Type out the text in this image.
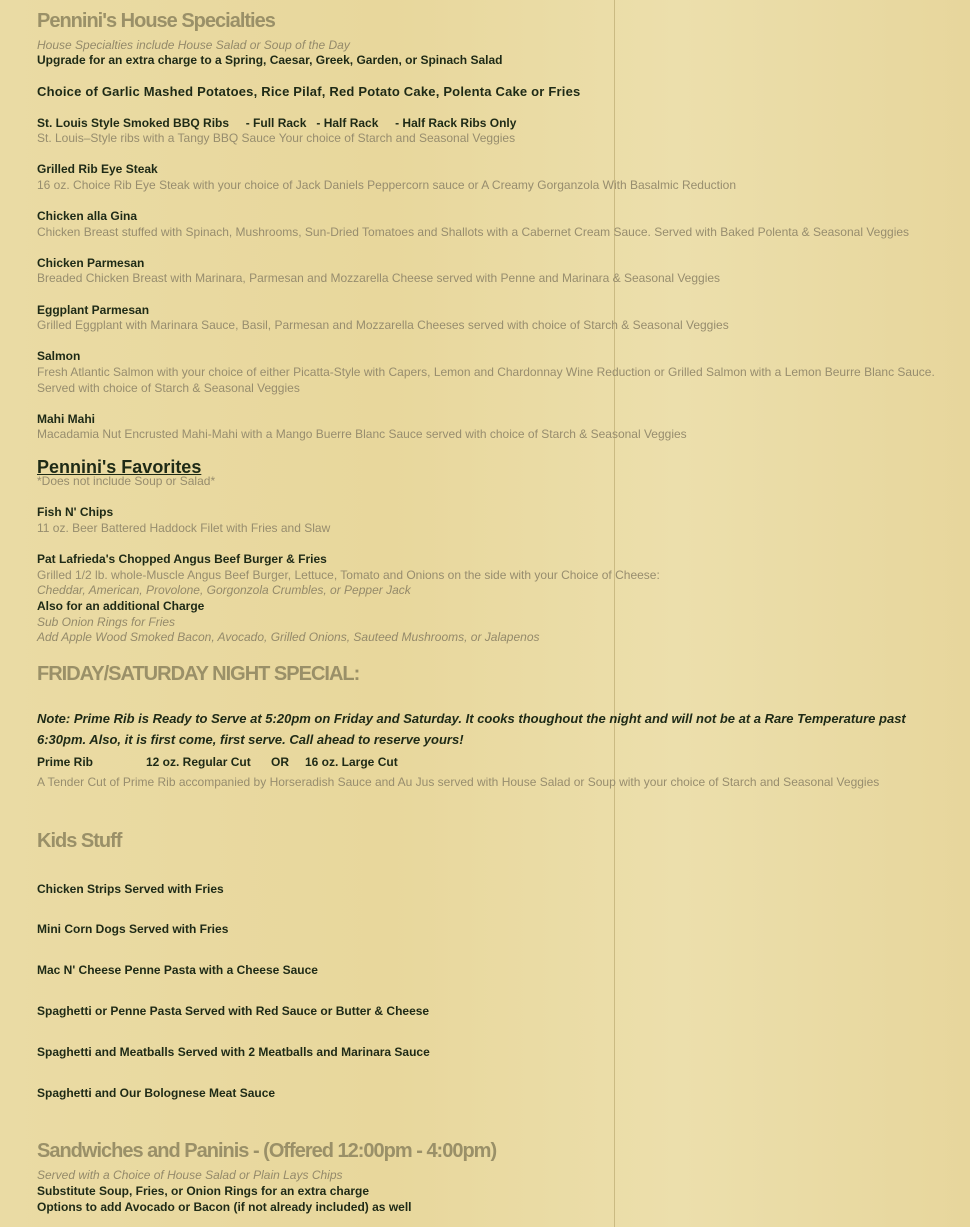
Pennini's House Specialties
House Specialties include House Salad or Soup of the Day
Upgrade for an extra charge to a Spring, Caesar, Greek, Garden, or Spinach Salad
Choice of Garlic Mashed Potatoes, Rice Pilaf, Red Potato Cake, Polenta Cake or Fries
St. Louis Style Smoked BBQ Ribs     - Full Rack   - Half Rack     - Half Rack Ribs Only
St. Louis–Style ribs with a Tangy BBQ Sauce Your choice of Starch and Seasonal Veggies
Grilled Rib Eye Steak
16 oz. Choice Rib Eye Steak with your choice of Jack Daniels Peppercorn sauce or A Creamy Gorganzola With Basalmic Reduction
Chicken alla Gina
Chicken Breast stuffed with Spinach, Mushrooms, Sun-Dried Tomatoes and Shallots with a Cabernet Cream Sauce. Served with Baked Polenta & Seasonal Veggies
Chicken Parmesan
Breaded Chicken Breast with Marinara, Parmesan and Mozzarella Cheese served with Penne and Marinara & Seasonal Veggies
Eggplant Parmesan
Grilled Eggplant with Marinara Sauce, Basil, Parmesan and Mozzarella Cheeses served with choice of Starch & Seasonal Veggies
Salmon
Fresh Atlantic Salmon with your choice of either Picatta-Style with Capers, Lemon and Chardonnay Wine Reduction or Grilled Salmon with a Lemon Beurre Blanc Sauce. Served with choice of Starch & Seasonal Veggies
Mahi Mahi
Macadamia Nut Encrusted Mahi-Mahi with a Mango Buerre Blanc Sauce served with choice of Starch & Seasonal Veggies
Pennini's Favorites
*Does not include Soup or Salad*
Fish N' Chips
11 oz. Beer Battered Haddock Filet with Fries and Slaw
Pat Lafrieda's Chopped Angus Beef Burger & Fries
Grilled 1/2 lb. whole-Muscle Angus Beef Burger, Lettuce, Tomato and Onions on the side with your Choice of Cheese:
Cheddar, American, Provolone, Gorgonzola Crumbles, or Pepper Jack
Also for an additional Charge
Sub Onion Rings for Fries
Add Apple Wood Smoked Bacon, Avocado, Grilled Onions, Sauteed Mushrooms, or Jalapenos
FRIDAY/SATURDAY NIGHT SPECIAL:
Note: Prime Rib is Ready to Serve at 5:20pm on Friday and Saturday. It cooks thoughout the night and will not be at a Rare Temperature past 6:30pm. Also, it is first come, first serve. Call ahead to reserve yours!
Prime Rib	12 oz. Regular Cut OR 16 oz. Large Cut
A Tender Cut of Prime Rib accompanied by Horseradish Sauce and Au Jus served with House Salad or Soup with your choice of Starch and Seasonal Veggies
Kids Stuff
Chicken Strips Served with Fries
Mini Corn Dogs Served with Fries
Mac N' Cheese Penne Pasta with a Cheese Sauce
Spaghetti or Penne Pasta Served with Red Sauce or Butter & Cheese
Spaghetti and Meatballs Served with 2 Meatballs and Marinara Sauce
Spaghetti and Our Bolognese Meat Sauce
Sandwiches and Paninis - (Offered 12:00pm - 4:00pm)
Served with a Choice of House Salad or Plain Lays Chips
Substitute Soup, Fries, or Onion Rings for an extra charge
Options to add Avocado or Bacon (if not already included) as well
